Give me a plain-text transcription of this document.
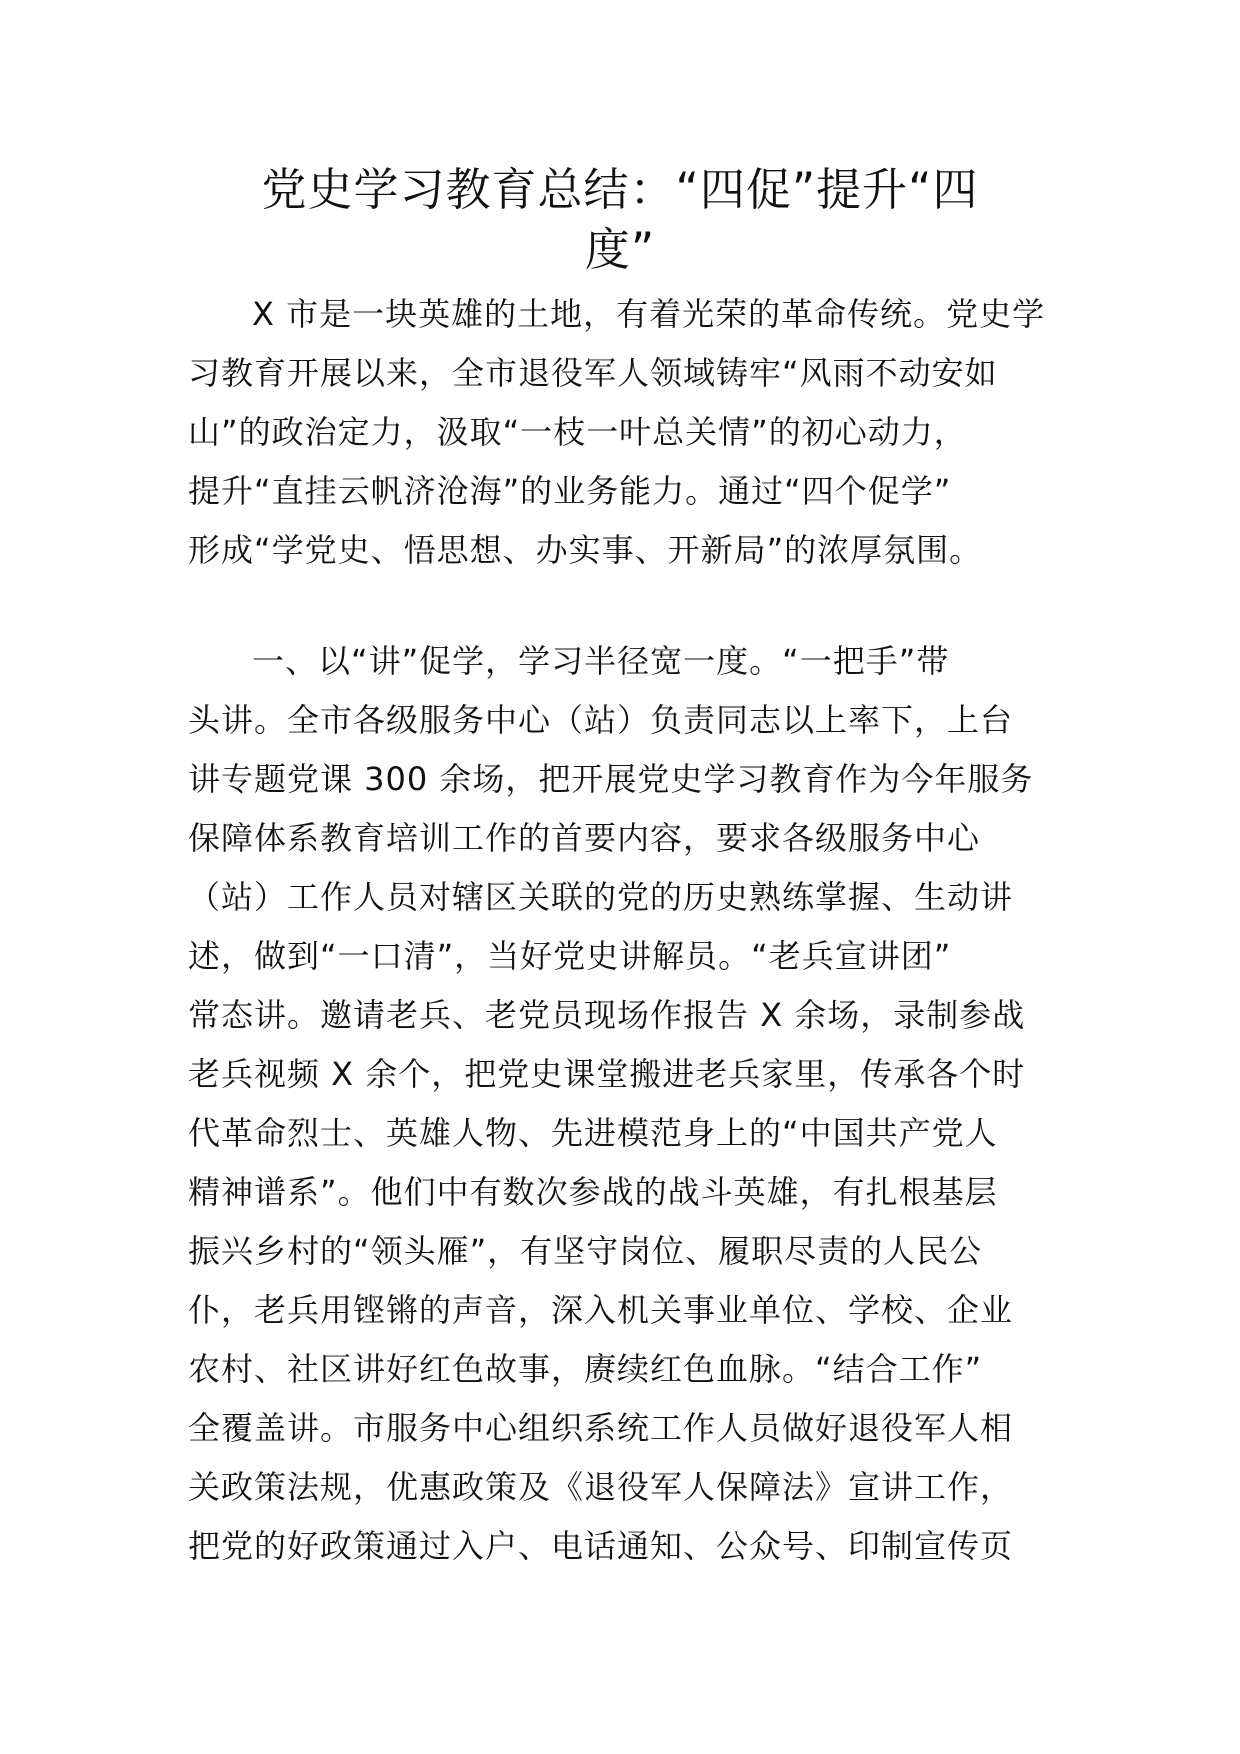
党史学习教育总结：“四促”提升“四
度”
X 市是一块英雄的土地，有着光荣的革命传统。党史学
习教育开展以来，全市退役军人领域铸牢“风雨不动安如
山”的政治定力，汲取“一枝一叶总关情”的初心动力，
提升“直挂云帆济沧海”的业务能力。通过“四个促学”
形成“学党史、悟思想、办实事、开新局”的浓厚氛围。
一、以“讲”促学，学习半径宽一度。“一把手”带
头讲。全市各级服务中心（站）负责同志以上率下，上台
讲专题党课 300 余场，把开展党史学习教育作为今年服务
保障体系教育培训工作的首要内容，要求各级服务中心
（站）工作人员对辖区关联的党的历史熟练掌握、生动讲
述，做到“一口清”，当好党史讲解员。“老兵宣讲团”
常态讲。邀请老兵、老党员现场作报告 X 余场，录制参战
老兵视频 X 余个，把党史课堂搬进老兵家里，传承各个时
代革命烈士、英雄人物、先进模范身上的“中国共产党人
精神谱系”。他们中有数次参战的战斗英雄，有扎根基层
振兴乡村的“领头雁”，有坚守岗位、履职尽责的人民公
仆，老兵用铿锵的声音，深入机关事业单位、学校、企业
农村、社区讲好红色故事，赓续红色血脉。“结合工作”
全覆盖讲。市服务中心组织系统工作人员做好退役军人相
关政策法规，优惠政策及《退役军人保障法》宣讲工作，
把党的好政策通过入户、电话通知、公众号、印制宣传页
